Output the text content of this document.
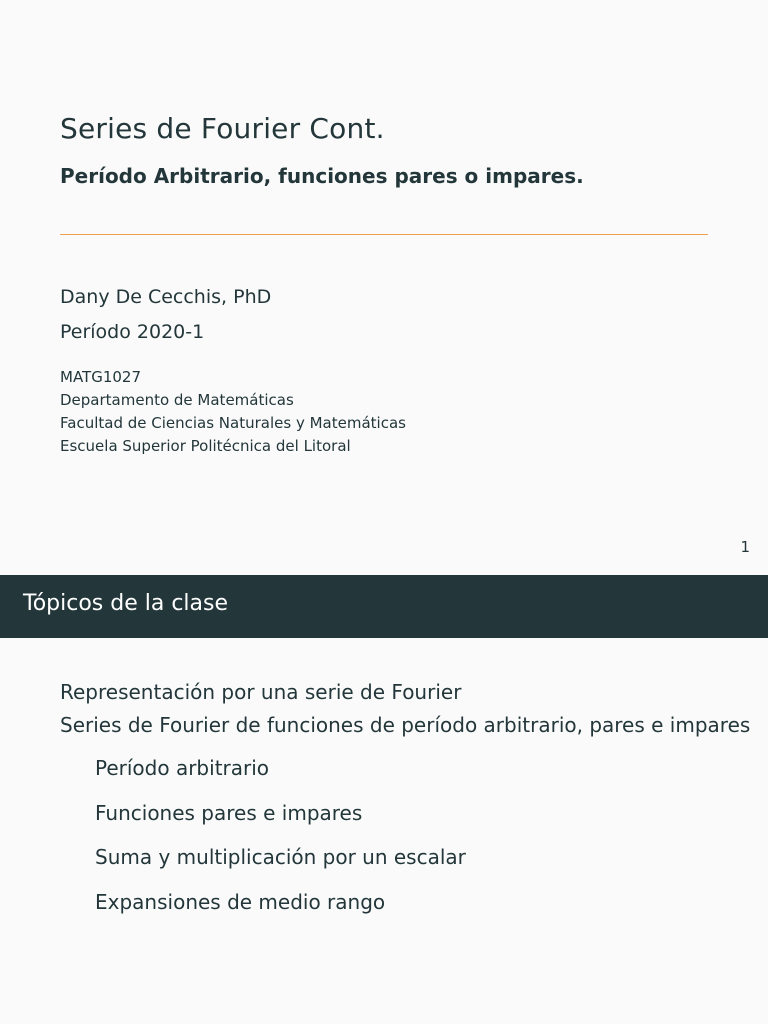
Series de Fourier Cont.
Período Arbitrario, funciones pares o impares.

Dany De Cecchis, PhD

Período 2020-1

MATG1027
Departamento de Matemáticas
Facultad de Ciencias Naturales y Matemáticas
Escuela Superior Politécnica del Litoral
1
Tópicos de la clase
Representación por una serie de Fourier
Series de Fourier de funciones de período arbitrario, pares e impares
Período arbitrario
Funciones pares e impares
Suma y multiplicación por un escalar
Expansiones de medio rango
